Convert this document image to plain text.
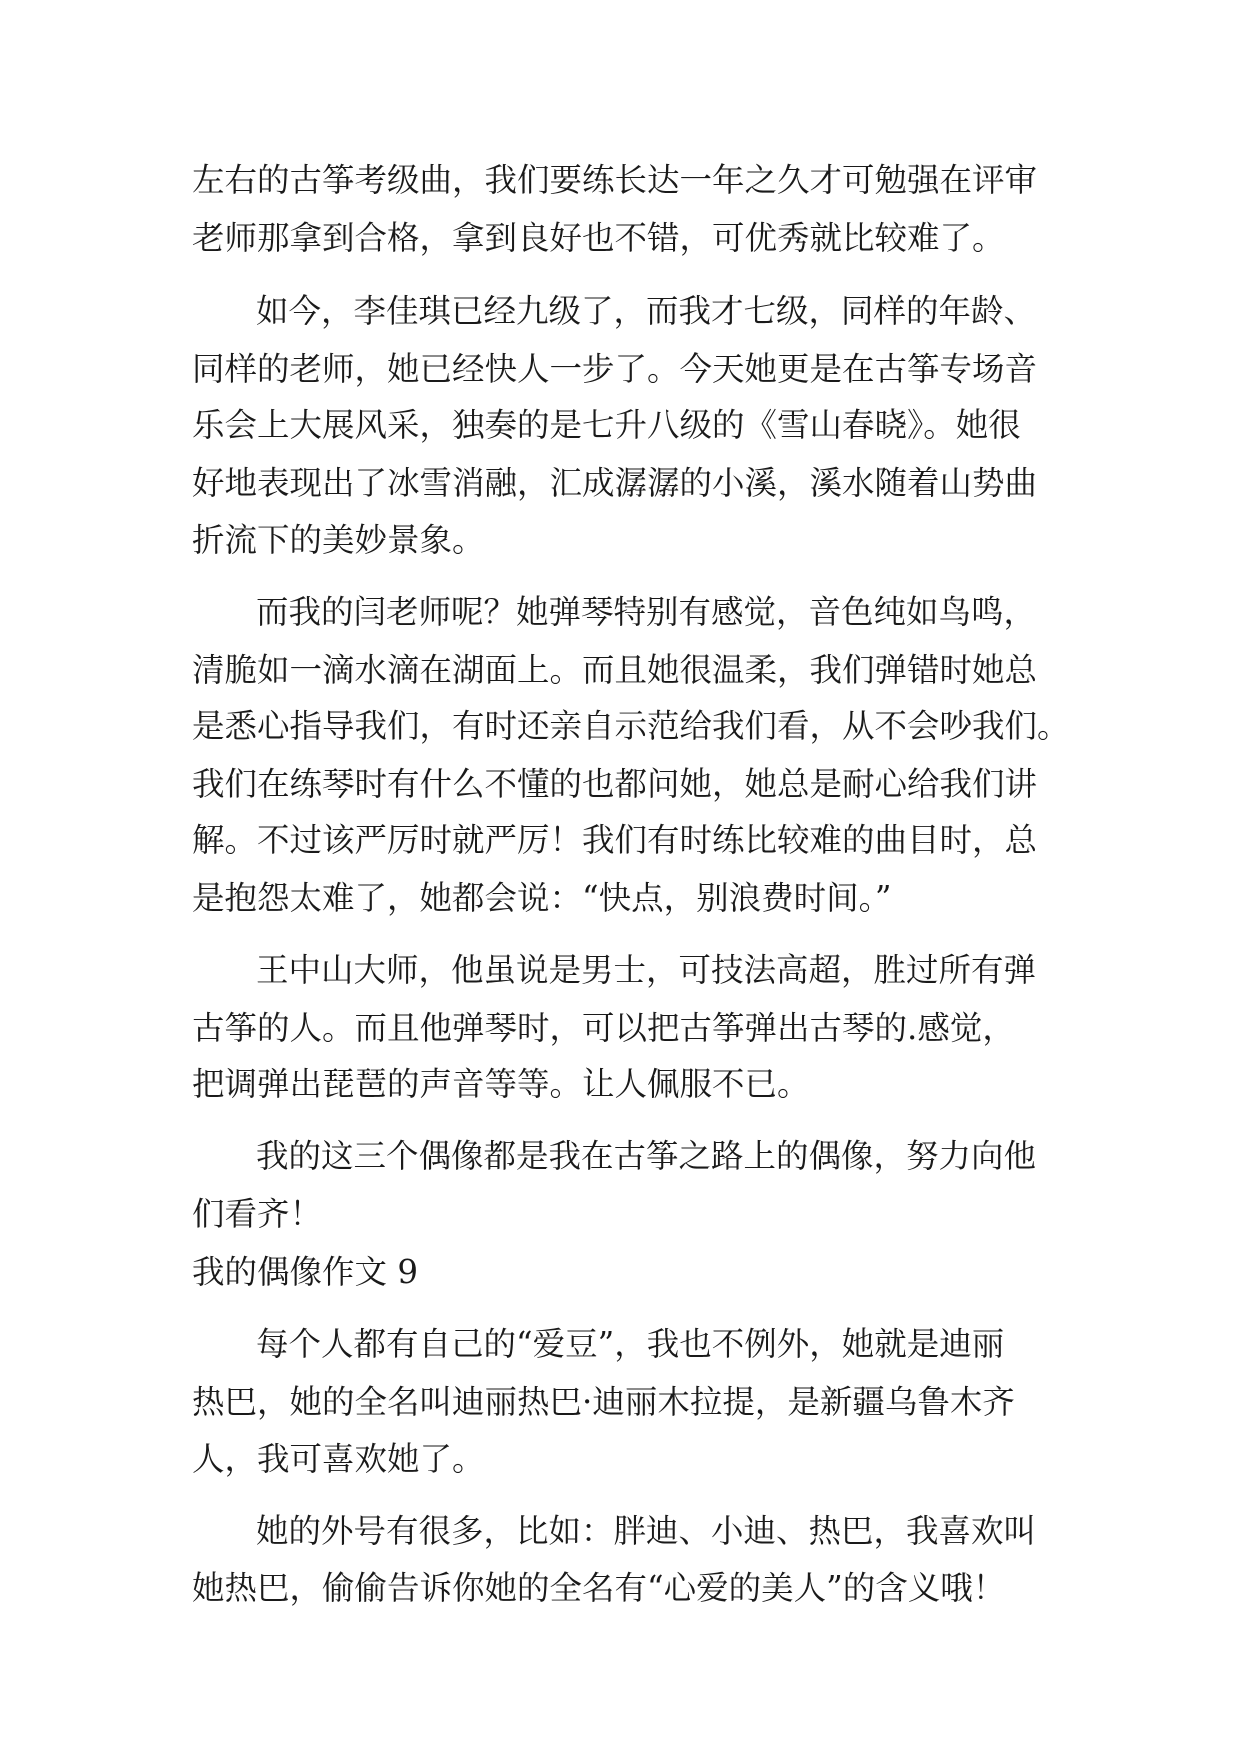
左右的古筝考级曲，我们要练长达一年之久才可勉强在评审
老师那拿到合格，拿到良好也不错，可优秀就比较难了。
如今，李佳琪已经九级了，而我才七级，同样的年龄、
同样的老师，她已经快人一步了。今天她更是在古筝专场音
乐会上大展风采，独奏的是七升八级的《雪山春晓》。她很
好地表现出了冰雪消融，汇成潺潺的小溪，溪水随着山势曲
折流下的美妙景象。
而我的闫老师呢？她弹琴特别有感觉，音色纯如鸟鸣，
清脆如一滴水滴在湖面上。而且她很温柔，我们弹错时她总
是悉心指导我们，有时还亲自示范给我们看，从不会吵我们。
我们在练琴时有什么不懂的也都问她，她总是耐心给我们讲
解。不过该严厉时就严厉！我们有时练比较难的曲目时，总
是抱怨太难了，她都会说：“快点，别浪费时间。”
王中山大师，他虽说是男士，可技法高超，胜过所有弹
古筝的人。而且他弹琴时，可以把古筝弹出古琴的.感觉，
把调弹出琵琶的声音等等。让人佩服不已。
我的这三个偶像都是我在古筝之路上的偶像，努力向他
们看齐！
我的偶像作文 9
每个人都有自己的“爱豆”，我也不例外，她就是迪丽
热巴，她的全名叫迪丽热巴·迪丽木拉提，是新疆乌鲁木齐
人，我可喜欢她了。
她的外号有很多，比如：胖迪、小迪、热巴，我喜欢叫
她热巴，偷偷告诉你她的全名有“心爱的美人”的含义哦！
